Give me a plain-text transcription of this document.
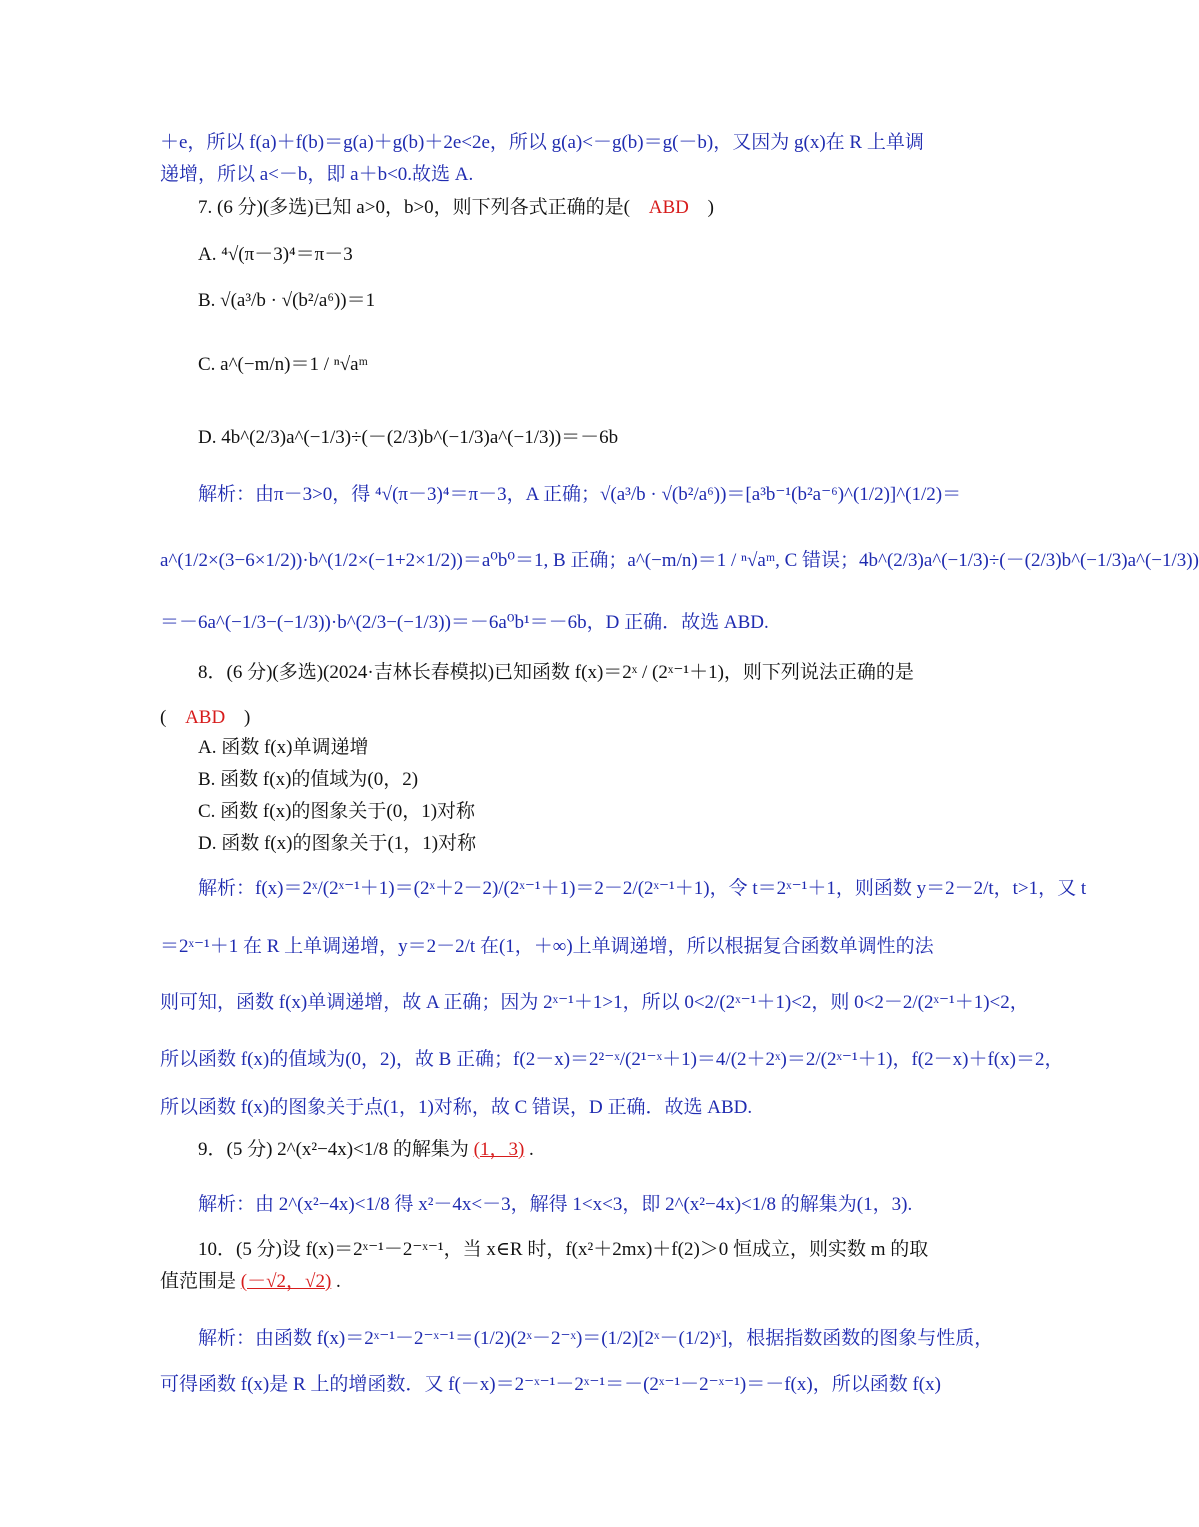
＋e，所以 f(a)＋f(b)＝g(a)＋g(b)＋2e<2e，所以 g(a)<－g(b)＝g(－b)，又因为 g(x)在 R 上单调
递增，所以 a<－b，即 a＋b<0.故选 A.
7. (6 分)(多选)已知 a>0，b>0，则下列各式正确的是( ABD )
A. ⁴√(π－3)⁴＝π－3
B. √(a³/b · √(b²/a⁶))＝1
C. a^(−m/n)＝1 / ⁿ√aᵐ
D. 4b^(2/3)a^(−1/3)÷(－(2/3)b^(−1/3)a^(−1/3))＝－6b
解析：由π－3>0，得 ⁴√(π－3)⁴＝π－3，A 正确；√(a³/b · √(b²/a⁶))＝[a³b⁻¹(b²a⁻⁶)^(1/2)]^(1/2)＝
a^(1/2×(3−6×1/2))·b^(1/2×(−1+2×1/2))＝a⁰b⁰＝1, B 正确；a^(−m/n)＝1 / ⁿ√aᵐ, C 错误；4b^(2/3)a^(−1/3)÷(－(2/3)b^(−1/3)a^(−1/3))
＝－6a^(−1/3−(−1/3))·b^(2/3−(−1/3))＝－6a⁰b¹＝－6b，D 正确．故选 ABD.
8．(6 分)(多选)(2024·吉林长春模拟)已知函数 f(x)＝2ˣ / (2ˣ⁻¹＋1)，则下列说法正确的是
( ABD )
A. 函数 f(x)单调递增
B. 函数 f(x)的值域为(0，2)
C. 函数 f(x)的图象关于(0，1)对称
D. 函数 f(x)的图象关于(1，1)对称
解析：f(x)＝2ˣ/(2ˣ⁻¹＋1)＝(2ˣ＋2－2)/(2ˣ⁻¹＋1)＝2－2/(2ˣ⁻¹＋1)，令 t＝2ˣ⁻¹＋1，则函数 y＝2－2/t，t>1，又 t
＝2ˣ⁻¹＋1 在 R 上单调递增，y＝2－2/t 在(1，＋∞)上单调递增，所以根据复合函数单调性的法
则可知，函数 f(x)单调递增，故 A 正确；因为 2ˣ⁻¹＋1>1，所以 0<2/(2ˣ⁻¹＋1)<2，则 0<2－2/(2ˣ⁻¹＋1)<2，
所以函数 f(x)的值域为(0，2)，故 B 正确；f(2－x)＝2²⁻ˣ/(2¹⁻ˣ＋1)＝4/(2＋2ˣ)＝2/(2ˣ⁻¹＋1)，f(2－x)＋f(x)＝2，
所以函数 f(x)的图象关于点(1，1)对称，故 C 错误，D 正确．故选 ABD.
9．(5 分) 2^(x²−4x)<1/8 的解集为 (1，3) .
解析：由 2^(x²−4x)<1/8 得 x²－4x<－3，解得 1<x<3，即 2^(x²−4x)<1/8 的解集为(1，3).
10．(5 分)设 f(x)＝2ˣ⁻¹－2⁻ˣ⁻¹，当 x∈R 时，f(x²＋2mx)＋f(2)＞0 恒成立，则实数 m 的取
值范围是 (－√2，√2) .
解析：由函数 f(x)＝2ˣ⁻¹－2⁻ˣ⁻¹＝(1/2)(2ˣ－2⁻ˣ)＝(1/2)[2ˣ－(1/2)ˣ]，根据指数函数的图象与性质，
可得函数 f(x)是 R 上的增函数．又 f(－x)＝2⁻ˣ⁻¹－2ˣ⁻¹＝－(2ˣ⁻¹－2⁻ˣ⁻¹)＝－f(x)，所以函数 f(x)
